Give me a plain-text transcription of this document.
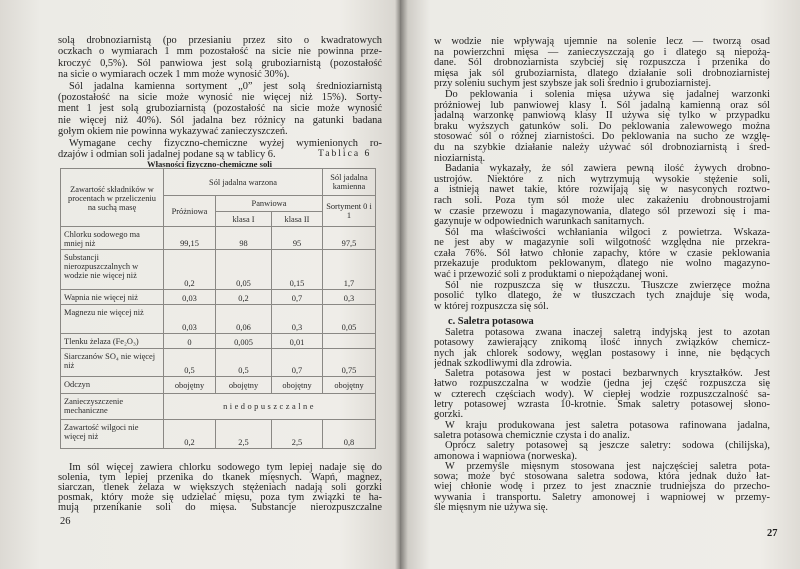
solą drobnoziarnistą (po przesianiu przez sito o kwadratowych
oczkach o wymiarach 1 mm pozostałość na sicie nie powinna prze-
kroczyć 0,5%). Sól panwiowa jest solą gruboziarnistą (pozostałość
na sicie o wymiarach oczek 1 mm może wynosić 30%).
Sól jadalna kamienna sortyment „0” jest solą średnioziarnistą
(pozostałość na sicie może wynosić nie więcej niż 15%). Sorty-
ment 1 jest solą gruboziarnistą (pozostałość na sicie może wynosić
nie więcej niż 40%). Sól jadalna bez różnicy na gatunki badana
gołym okiem nie powinna wykazywać zanieczyszczeń.
Wymagane cechy fizyczno-chemiczne wyżej wymienionych ro-
dzajów i odmian soli jadalnej podane są w tablicy 6.	Tablica 6
Własności fizyczno-chemiczne soli
Zawartość składników w procentach w przeliczeniu na suchą masę	Sól jadalna warzona			Sól jadalna kamienna
	Próżniowa	Panwiowa		Sortyment 0 i 1
		klasa I	klasa II	
Chlorku sodowego ma mniej niż	99,15	98	95	97,5
Substancji nierozpuszczalnych w wodzie nie więcej niż	0,2	0,05	0,15	1,7
Wapnia nie więcej niż	0,03	0,2	0,7	0,3
Magnezu nie więcej niż	0,03	0,06	0,3	0,05
Tlenku żelaza (Fe₂O₃)	0	0,005	0,01	
Siarczanów SO₄ nie więcej niż	0,5	0,5	0,7	0,75
Odczyn	obojętny	obojętny	obojętny	obojętny
Zanieczyszczenie mechaniczne	niedopuszczalne			
Zawartość wilgoci nie więcej niż	0,2	2,5	2,5	0,8
Im sól więcej zawiera chlorku sodowego tym lepiej nadaje się do
solenia, tym lepiej przenika do tkanek mięsnych. Wapń, magnez,
siarczan, tlenek żelaza w większych stężeniach nadają soli gorzki
posmak, który może się udzielać mięsu, poza tym związki te ha-
mują przenikanie soli do mięsa. Substancje nierozpuszczalne
26
w wodzie nie wpływają ujemnie na solenie lecz — tworzą osad
na powierzchni mięsa — zanieczyszczają go i dlatego są niepożą-
dane. Sól drobnoziarnista szybciej się rozpuszcza i przenika do
mięsa jak sól gruboziarnista, dlatego działanie soli drobnoziarnistej
przy soleniu suchym jest szybsze jak soli średnio i gruboziarnistej.
Do peklowania i solenia mięsa używa się jadalnej warzonki
próżniowej lub panwiowej klasy I. Sól jadalną kamienną oraz sól
jadalną warzonkę panwiową klasy II używa się tylko w przypadku
braku wyższych gatunków soli. Do peklowania zalewowego można
stosować sól o różnej ziarnistości. Do peklowania na sucho ze wzglę-
du na szybkie działanie należy używać sól drobnoziarnistą i śred-
nioziarnistą.
Badania wykazały, że sól zawiera pewną ilość żywych drobno-
ustrojów. Niektóre z nich wytrzymują wysokie stężenie soli,
a istnieją nawet takie, które rozwijają się w nasyconych roztwo-
rach soli. Poza tym sól może ulec zakażeniu drobnoustrojami
w czasie przewozu i magazynowania, dlatego sól przewozi się i ma-
gazynuje w odpowiednich warunkach sanitarnych.
Sól ma właściwości wchłaniania wilgoci z powietrza. Wskaza-
ne jest aby w magazynie soli wilgotność względna nie przekra-
czała 76%. Sól łatwo chłonie zapachy, które w czasie peklowania
przekazuje produktom peklowanym, dlatego nie wolno magazyno-
wać i przewozić soli z produktami o niepożądanej woni.
Sól nie rozpuszcza się w tłuszczu. Tłuszcze zwierzęce można
posolić tylko dlatego, że w tłuszczach tych znajduje się woda,
w której rozpuszcza się sól.
c. Saletra potasowa
Saletra potasowa zwana inaczej saletrą indyjską jest to azotan
potasowy zawierający znikomą ilość innych związków chemicz-
nych jak chlorek sodowy, węglan postasowy i inne, nie będących
jednak szkodliwymi dla zdrowia.
Saletra potasowa jest w postaci bezbarwnych kryształków. Jest
łatwo rozpuszczalna w wodzie (jedna jej część rozpuszcza się
w czterech częściach wody). W ciepłej wodzie rozpuszczalność sa-
letry potasowej wzrasta 10-krotnie. Smak saletry potasowej słono-
gorzki.
W kraju produkowana jest saletra potasowa rafinowana jadalna,
saletra potasowa chemicznie czysta i do analiz.
Oprócz saletry potasowej są jeszcze saletry: sodowa (chilijska),
amonowa i wapniowa (norweska).
W przemyśle mięsnym stosowana jest najczęściej saletra pota-
sowa; może być stosowana saletra sodowa, która jednak dużo łat-
wiej chłonie wodę i przez to jest znacznie trudniejsza do przecho-
wywania i transportu. Saletry amonowej i wapniowej w przemy-
śle mięsnym nie używa się.
27
